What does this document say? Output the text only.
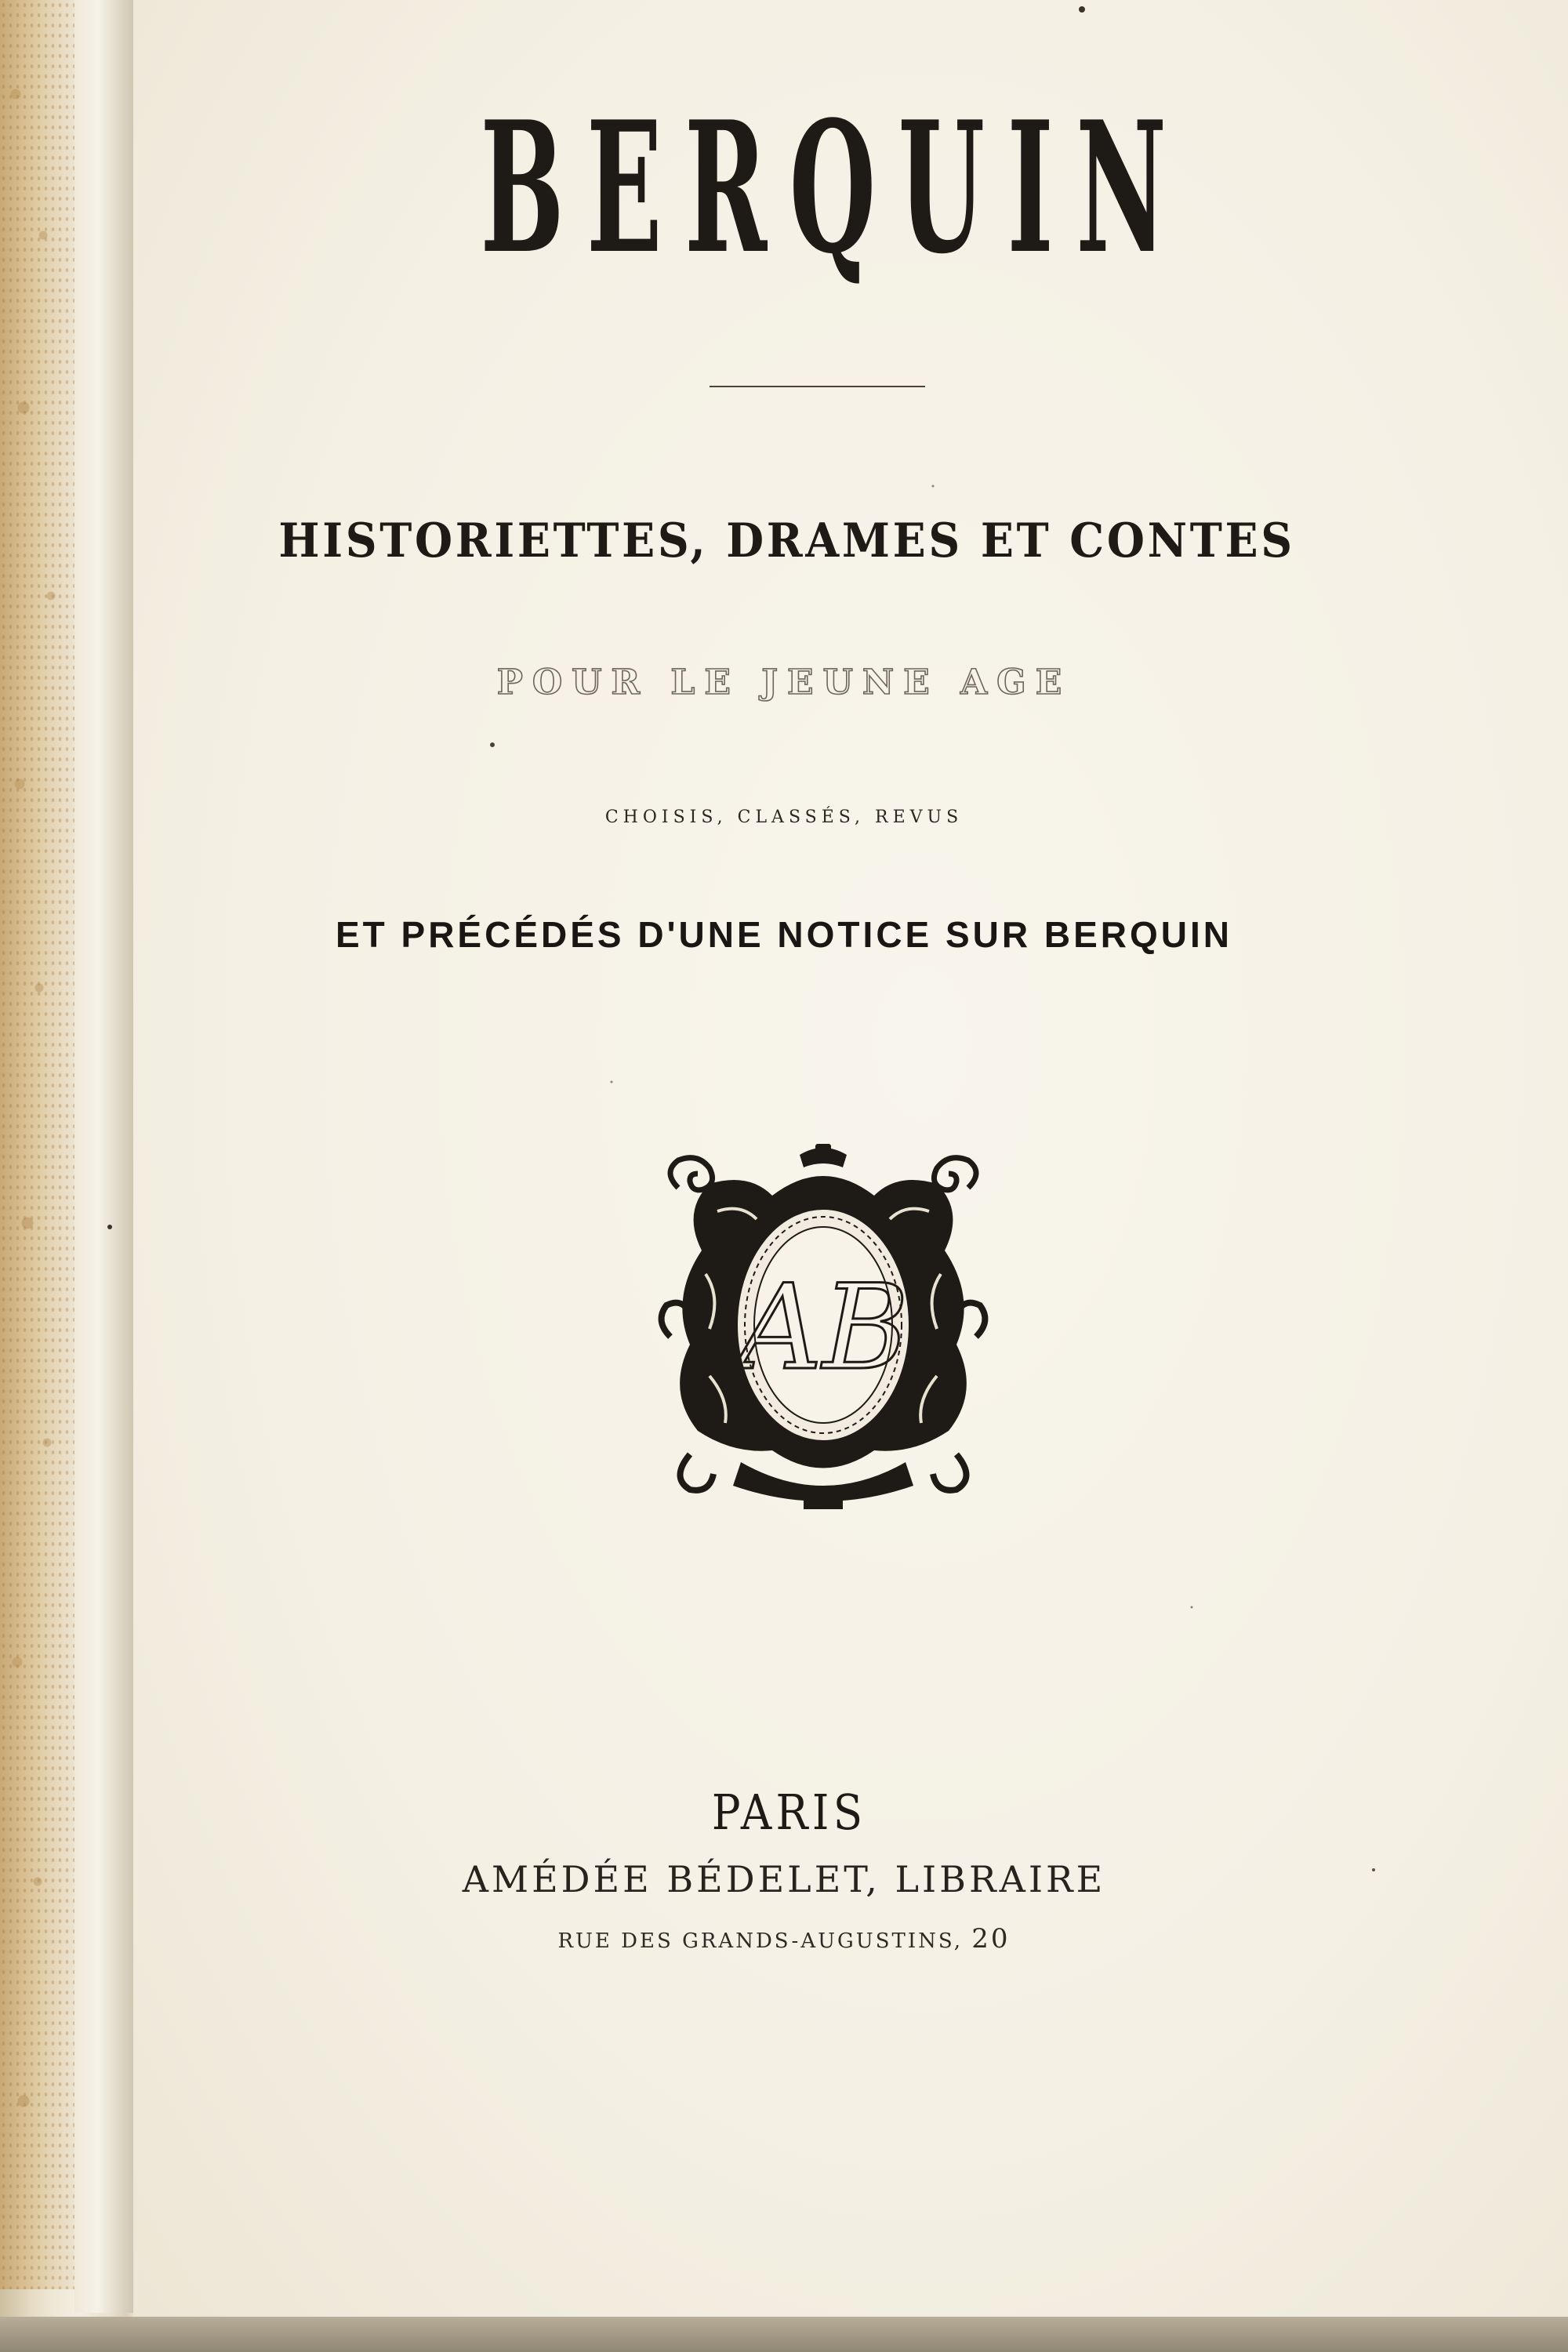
BERQUIN
HISTORIETTES, DRAMES ET CONTES
POUR LE JEUNE AGE
CHOISIS, CLASSÉS, REVUS
ET PRÉCÉDÉS D'UNE NOTICE SUR BERQUIN
AB
PARIS
AMÉDÉE BÉDELET, LIBRAIRE
RUE DES GRANDS-AUGUSTINS, 20
